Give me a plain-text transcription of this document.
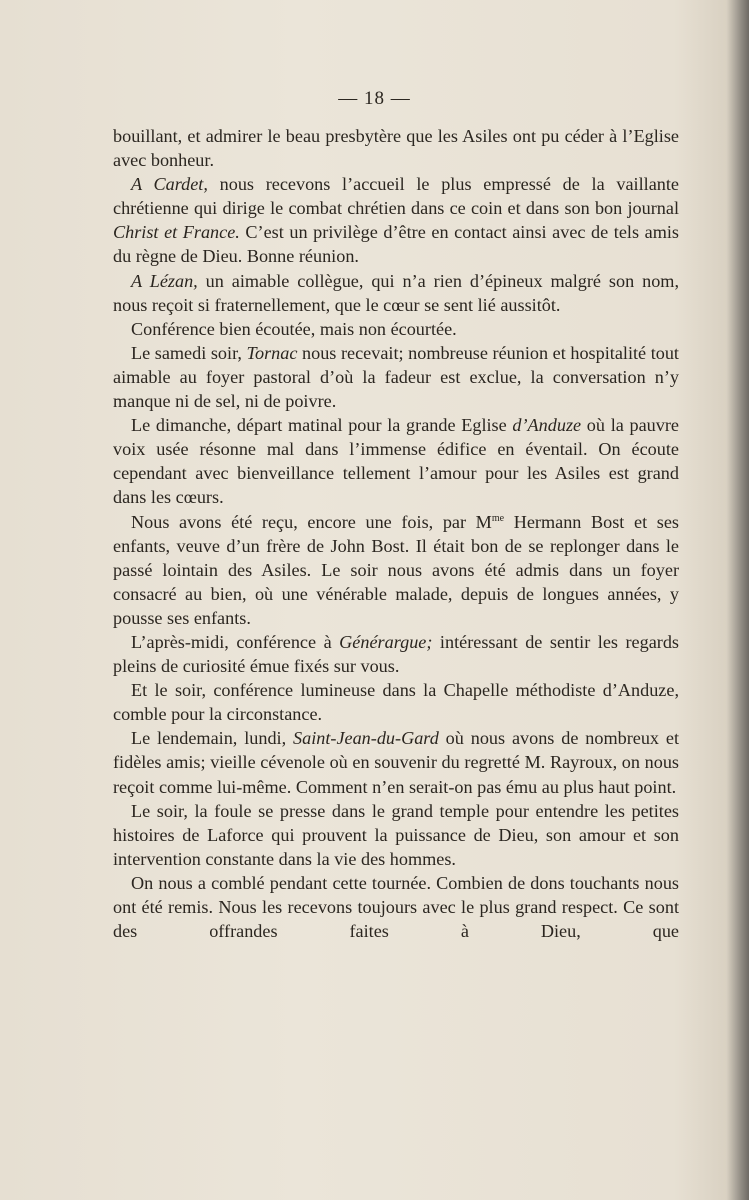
— 18 —

bouillant, et admirer le beau presbytère que les Asiles ont pu céder à l’Eglise avec bonheur.

A Cardet, nous recevons l’accueil le plus empressé de la vaillante chrétienne qui dirige le combat chrétien dans ce coin et dans son bon journal Christ et France. C’est un privilège d’être en contact ainsi avec de tels amis du règne de Dieu. Bonne réunion.

A Lézan, un aimable collègue, qui n’a rien d’épineux malgré son nom, nous reçoit si fraternellement, que le cœur se sent lié aussitôt.

Conférence bien écoutée, mais non écourtée.

Le samedi soir, Tornac nous recevait; nombreuse réunion et hospitalité tout aimable au foyer pastoral d’où la fadeur est exclue, la conversation n’y manque ni de sel, ni de poivre.

Le dimanche, départ matinal pour la grande Eglise d’Anduze où la pauvre voix usée résonne mal dans l’immense édifice en éventail. On écoute cependant avec bienveillance tellement l’amour pour les Asiles est grand dans les cœurs.

Nous avons été reçu, encore une fois, par $M^{me}$ Hermann Bost et ses enfants, veuve d’un frère de John Bost. Il était bon de se replonger dans le passé lointain des Asiles. Le soir nous avons été admis dans un foyer consacré au bien, où une vénérable malade, depuis de longues années, y pousse ses enfants.

L’après-midi, conférence à Générargue; intéressant de sentir les regards pleins de curiosité émue fixés sur vous.

Et le soir, conférence lumineuse dans la Chapelle méthodiste d’Anduze, comble pour la circonstance.

Le lendemain, lundi, Saint-Jean-du-Gard où nous avons de nombreux et fidèles amis; vieille cévenole où en souvenir du regretté M. Rayroux, on nous reçoit comme lui-même. Comment n’en serait-on pas ému au plus haut point.

Le soir, la foule se presse dans le grand temple pour entendre les petites histoires de Laforce qui prouvent la puissance de Dieu, son amour et son intervention constante dans la vie des hommes.

On nous a comblé pendant cette tournée. Combien de dons touchants nous ont été remis. Nous les recevons toujours avec le plus grand respect. Ce sont des offrandes faites à Dieu, que
